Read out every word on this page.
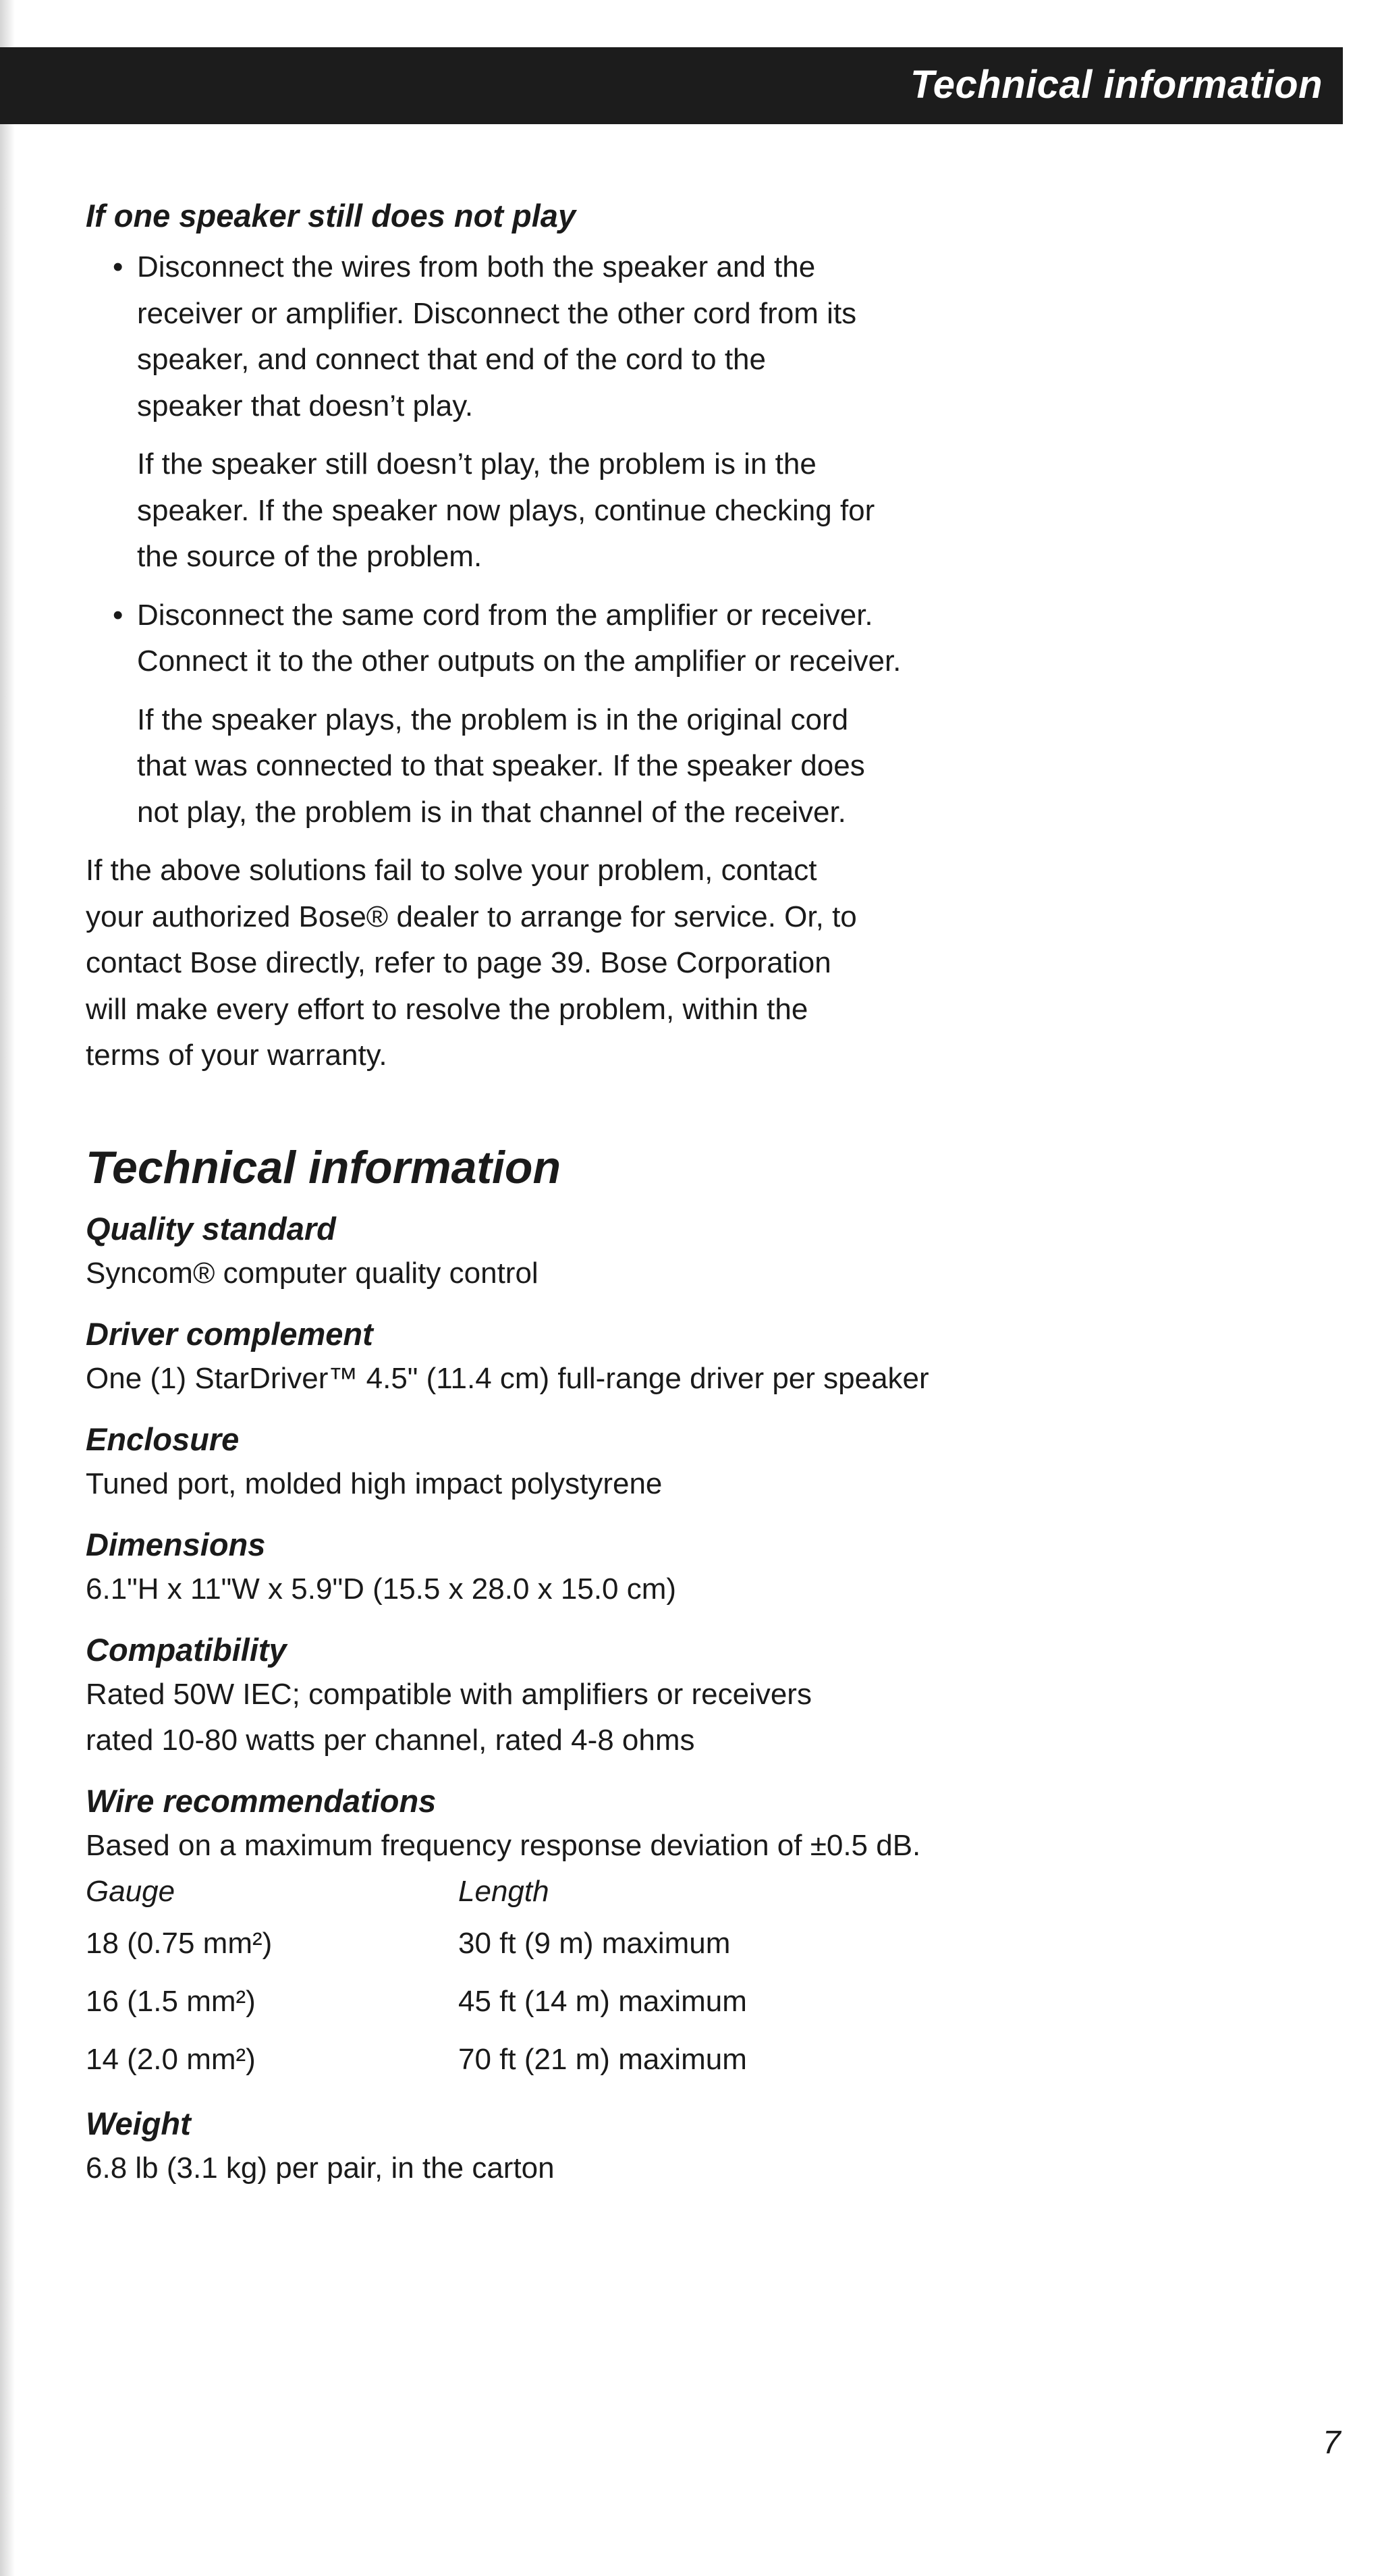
Technical information
If one speaker still does not play
• Disconnect the wires from both the speaker and the
receiver or amplifier. Disconnect the other cord from its
speaker, and connect that end of the cord to the
speaker that doesn’t play.
If the speaker still doesn’t play, the problem is in the
speaker. If the speaker now plays, continue checking for
the source of the problem.
• Disconnect the same cord from the amplifier or receiver.
Connect it to the other outputs on the amplifier or receiver.
If the speaker plays, the problem is in the original cord
that was connected to that speaker. If the speaker does
not play, the problem is in that channel of the receiver.
If the above solutions fail to solve your problem, contact
your authorized Bose® dealer to arrange for service. Or, to
contact Bose directly, refer to page 39. Bose Corporation
will make every effort to resolve the problem, within the
terms of your warranty.
Technical information
Quality standard
Syncom® computer quality control
Driver complement
One (1) StarDriver™ 4.5" (11.4 cm) full-range driver per speaker
Enclosure
Tuned port, molded high impact polystyrene
Dimensions
6.1"H x 11"W x 5.9"D (15.5 x 28.0 x 15.0 cm)
Compatibility
Rated 50W IEC; compatible with amplifiers or receivers
rated 10-80 watts per channel, rated 4-8 ohms
Wire recommendations
Based on a maximum frequency response deviation of ±0.5 dB.
Gauge	Length
18 (0.75 mm²)	30 ft (9 m) maximum
16 (1.5 mm²)	45 ft (14 m) maximum
14 (2.0 mm²)	70 ft (21 m) maximum
Weight
6.8 lb (3.1 kg) per pair, in the carton
7
